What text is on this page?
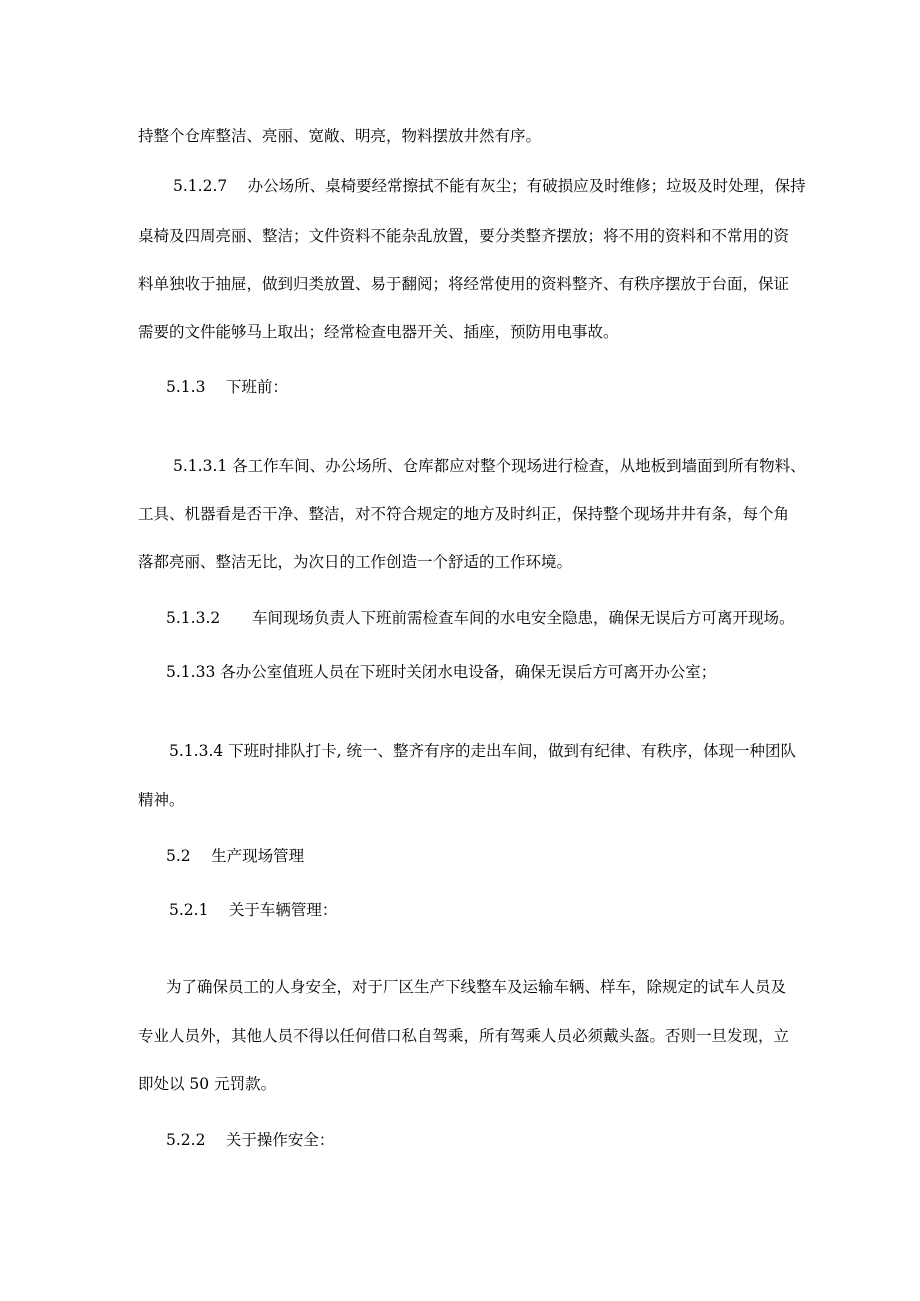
持整个仓库整洁、亮丽、宽敞、明亮，物料摆放井然有序。
5.1.2.7　 办公场所、桌椅要经常擦拭不能有灰尘；有破损应及时维修；垃圾及时处理，保持
桌椅及四周亮丽、整洁；文件资料不能杂乱放置，要分类整齐摆放；将不用的资料和不常用的资
料单独收于抽屉，做到归类放置、易于翻阅；将经常使用的资料整齐、有秩序摆放于台面，保证
需要的文件能够马上取出；经常检查电器开关、插座，预防用电事故。
5.1.3　 下班前：
5.1.3.1 各工作车间、办公场所、仓库都应对整个现场进行检查，从地板到墙面到所有物料、
工具、机器看是否干净、整洁，对不符合规定的地方及时纠正，保持整个现场井井有条，每个角
落都亮丽、整洁无比，为次日的工作创造一个舒适的工作环境。
5.1.3.2 车间现场负责人下班前需检查车间的水电安全隐患，确保无误后方可离开现场。
5.1.33 各办公室值班人员在下班时关闭水电设备，确保无误后方可离开办公室；
5.1.3.4 下班时排队打卡, 统一、整齐有序的走出车间，做到有纪律、有秩序，体现一种团队
精神。
5.2　 生产现场管理
5.2.1　 关于车辆管理：
为了确保员工的人身安全，对于厂区生产下线整车及运输车辆、样车，除规定的试车人员及
专业人员外，其他人员不得以任何借口私自驾乘，所有驾乘人员必须戴头盔。否则一旦发现，立
即处以 50 元罚款。
5.2.2　 关于操作安全：
